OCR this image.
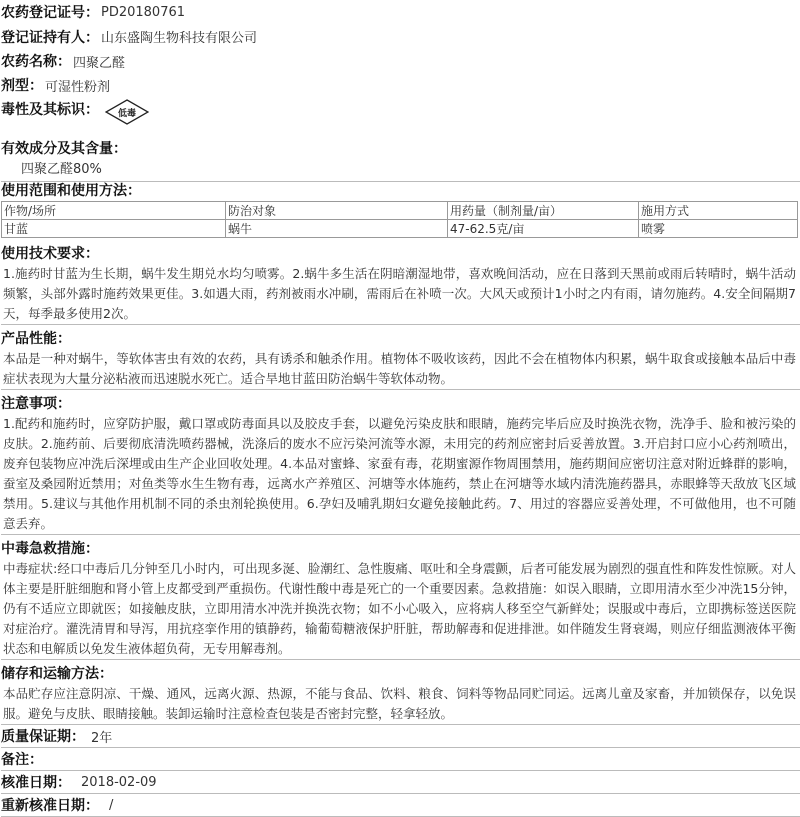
农药登记证号： PD20180761
登记证持有人： 山东盛陶生物科技有限公司
农药名称： 四聚乙醛
剂型： 可湿性粉剂
毒性及其标识： 低毒
有效成分及其含量：
四聚乙醛80%
使用范围和使用方法：
作物/场所	防治对象	用药量（制剂量/亩）	施用方式
甘蓝	蜗牛	47-62.5克/亩	喷雾
使用技术要求：
1.施药时甘蓝为生长期，蜗牛发生期兑水均匀喷雾。2.蜗牛多生活在阴暗潮湿地带，喜欢晚间活动，应在日落到天黑前或雨后转晴时，蜗牛活动频繁，头部外露时施药效果更佳。3.如遇大雨，药剂被雨水冲刷，需雨后在补喷一次。大风天或预计1小时之内有雨，请勿施药。4.安全间隔期7天，每季最多使用2次。
产品性能：
本品是一种对蜗牛，等软体害虫有效的农药，具有诱杀和触杀作用。植物体不吸收该药，因此不会在植物体内积累，蜗牛取食或接触本品后中毒症状表现为大量分泌粘液而迅速脱水死亡。适合旱地甘蓝田防治蜗牛等软体动物。
注意事项：
1.配药和施药时，应穿防护服，戴口罩或防毒面具以及胶皮手套，以避免污染皮肤和眼睛，施药完毕后应及时换洗衣物，洗净手、脸和被污染的皮肤。2.施药前、后要彻底清洗喷药器械，洗涤后的废水不应污染河流等水源，未用完的药剂应密封后妥善放置。3.开启封口应小心药剂喷出，废弃包装物应冲洗后深埋或由生产企业回收处理。4.本品对蜜蜂、家蚕有毒，花期蜜源作物周围禁用，施药期间应密切注意对附近蜂群的影响，蚕室及桑园附近禁用；对鱼类等水生生物有毒，远离水产养殖区、河塘等水体施药，禁止在河塘等水域内清洗施药器具，赤眼蜂等天敌放飞区域禁用。5.建议与其他作用机制不同的杀虫剂轮换使用。6.孕妇及哺乳期妇女避免接触此药。7、用过的容器应妥善处理，不可做他用，也不可随意丢弃。
中毒急救措施：
中毒症状:经口中毒后几分钟至几小时内，可出现多涎、脸潮红、急性腹痛、呕吐和全身震颤，后者可能发展为剧烈的强直性和阵发性惊厥。对人体主要是肝脏细胞和肾小管上皮都受到严重损伤。代谢性酸中毒是死亡的一个重要因素。急救措施：如误入眼睛，立即用清水至少冲洗15分钟，仍有不适应立即就医；如接触皮肤，立即用清水冲洗并换洗衣物；如不小心吸入，应将病人移至空气新鲜处；误服或中毒后，立即携标签送医院对症治疗。灌洗清胃和导泻，用抗痉挛作用的镇静药，输葡萄糖液保护肝脏，帮助解毒和促进排泄。如伴随发生肾衰竭，则应仔细监测液体平衡状态和电解质以免发生液体超负荷，无专用解毒剂。
储存和运输方法：
本品贮存应注意阴凉、干燥、通风，远离火源、热源，不能与食品、饮料、粮食、饲料等物品同贮同运。远离儿童及家畜，并加锁保存，以免误服。避免与皮肤、眼睛接触。装卸运输时注意检查包装是否密封完整，轻拿轻放。
质量保证期： 2年
备注：
核准日期： 2018-02-09
重新核准日期： /
